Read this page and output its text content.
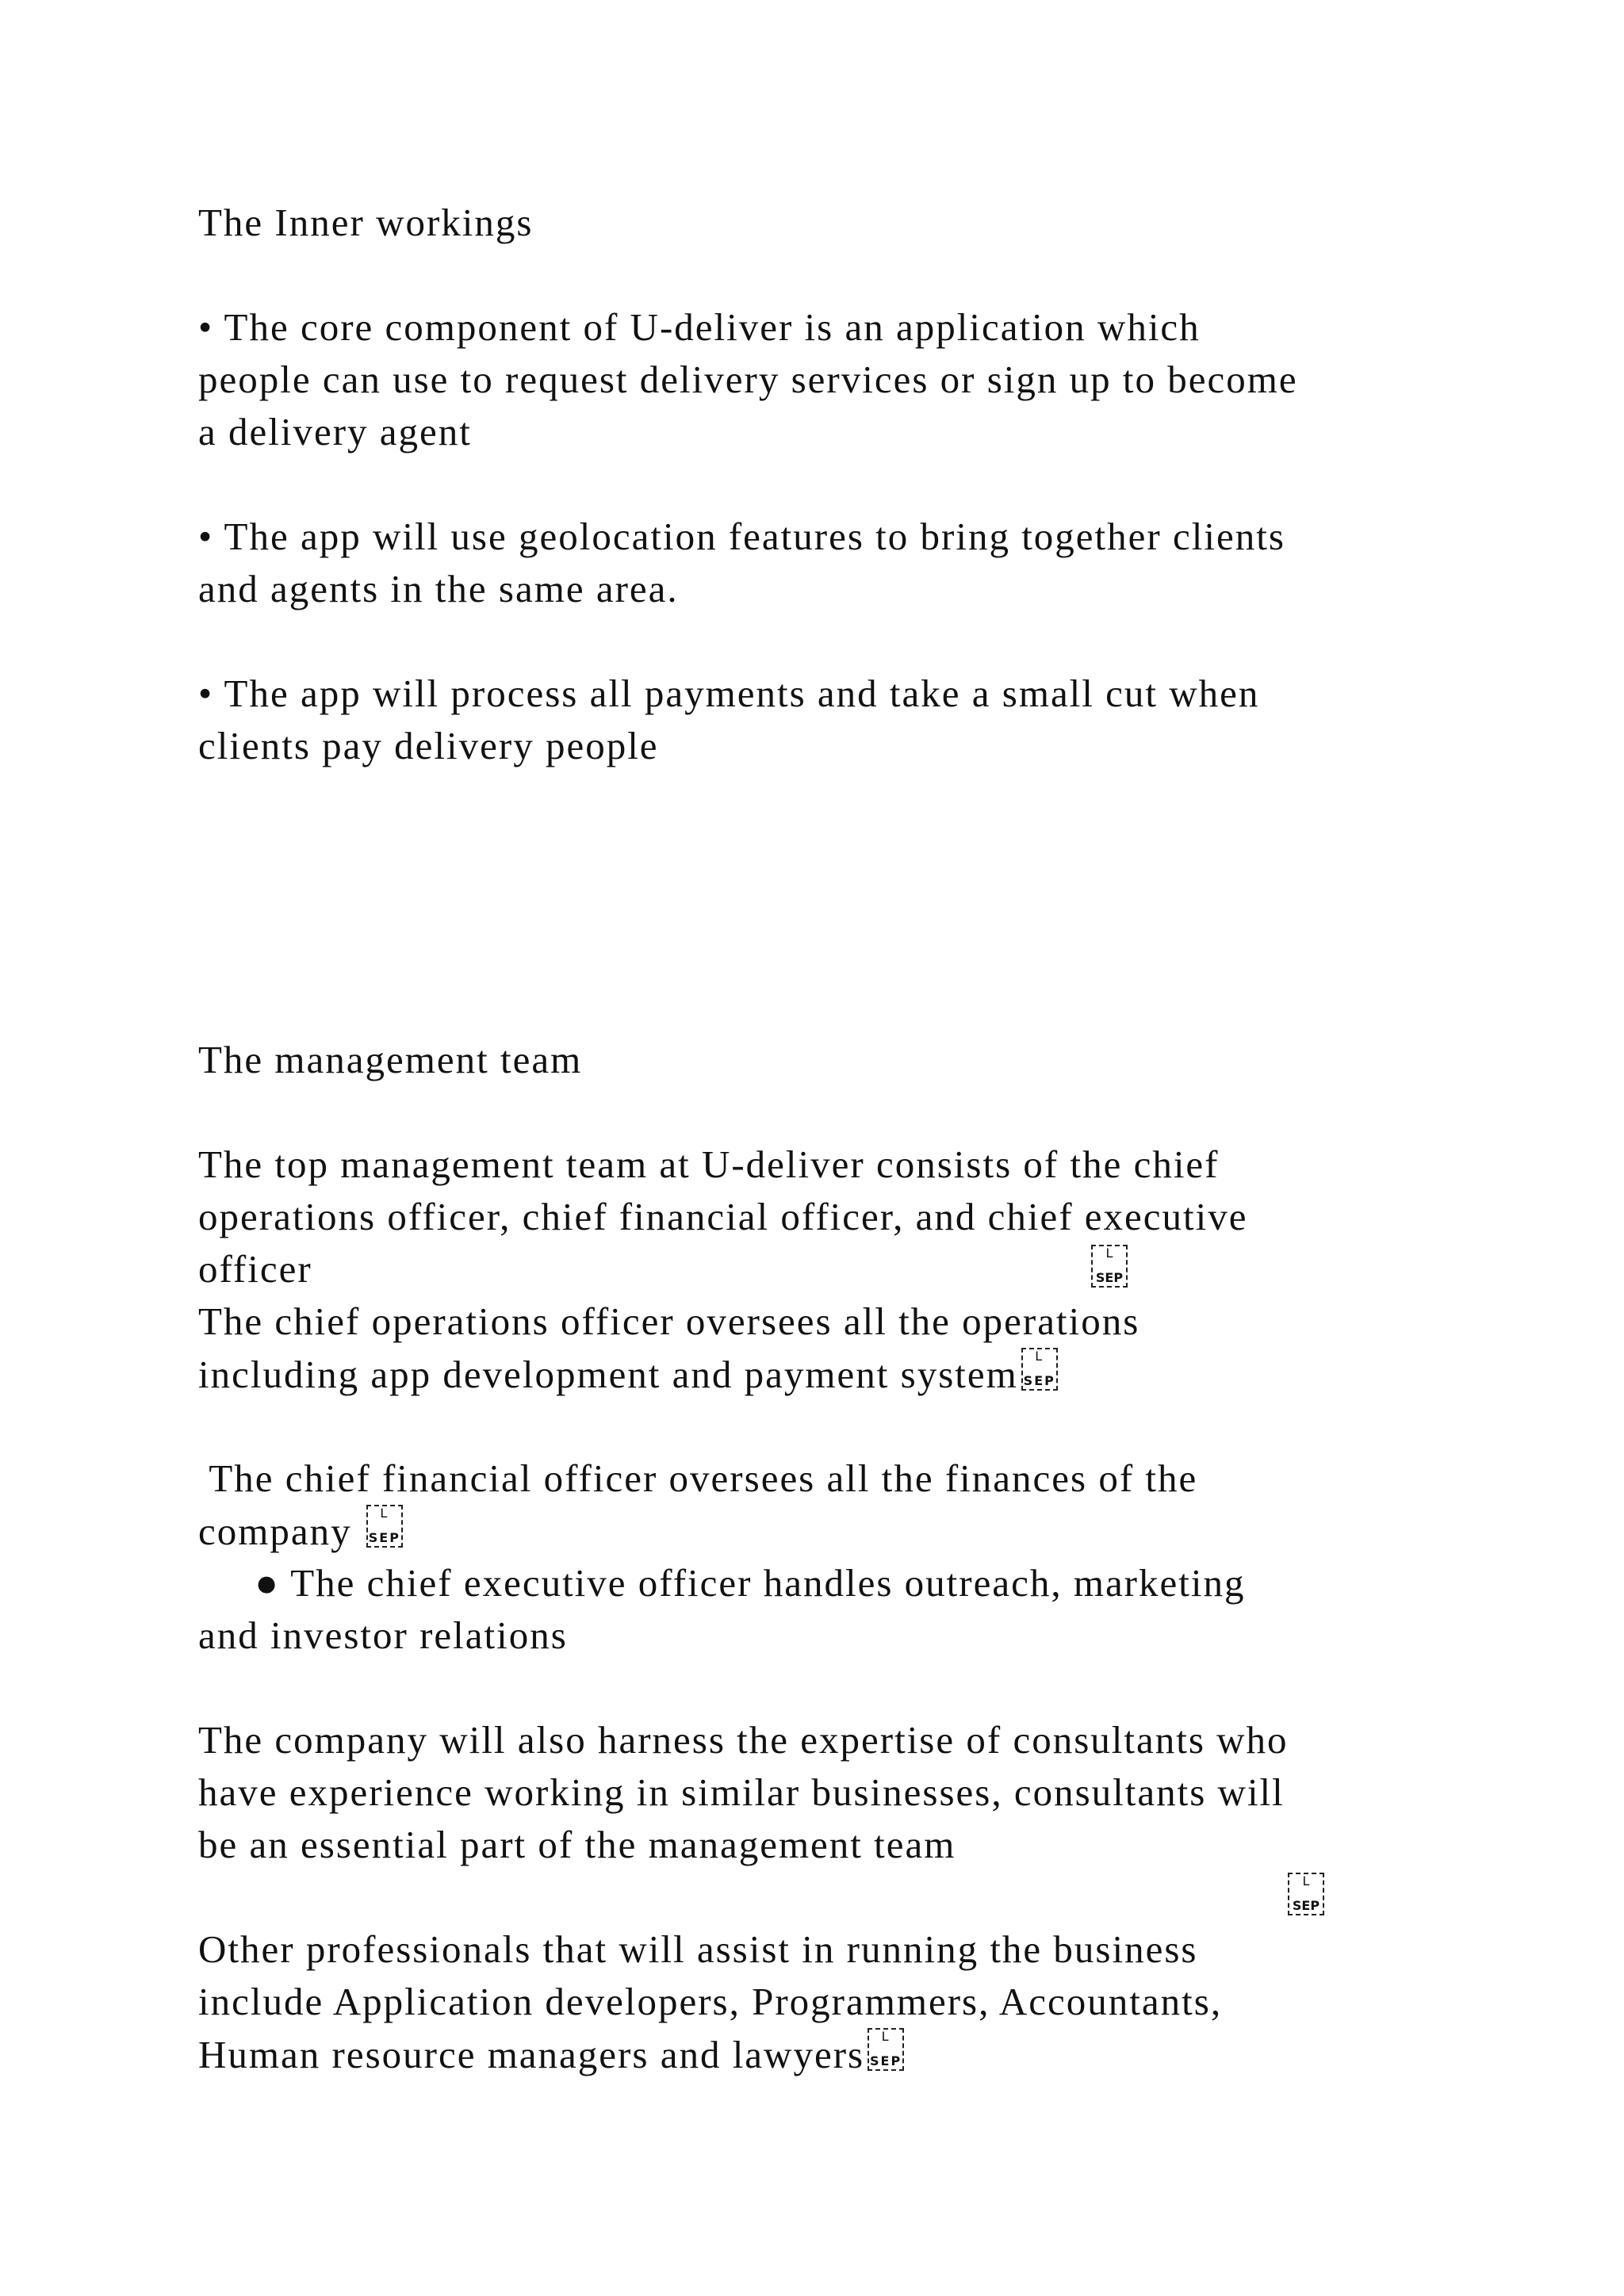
The Inner workings

• The core component of U-deliver is an application which

people can use to request delivery services or sign up to become

a delivery agent

• The app will use geolocation features to bring together clients

and agents in the same area.

• The app will process all payments and take a small cut when

clients pay delivery people

The management team

The top management team at U-deliver consists of the chief

operations officer, chief financial officer, and chief executive

officer	L
SEP

The chief operations officer oversees all the operations

including app development and payment system	L
SEP

The chief financial officer oversees all the finances of the

company	L
SEP

● The chief executive officer handles outreach, marketing

and investor relations

The company will also harness the expertise of consultants who

have experience working in similar businesses, consultants will

be an essential part of the management team

L
SEP

Other professionals that will assist in running the business

include Application developers, Programmers, Accountants,

Human resource managers and lawyers	L
SEP
